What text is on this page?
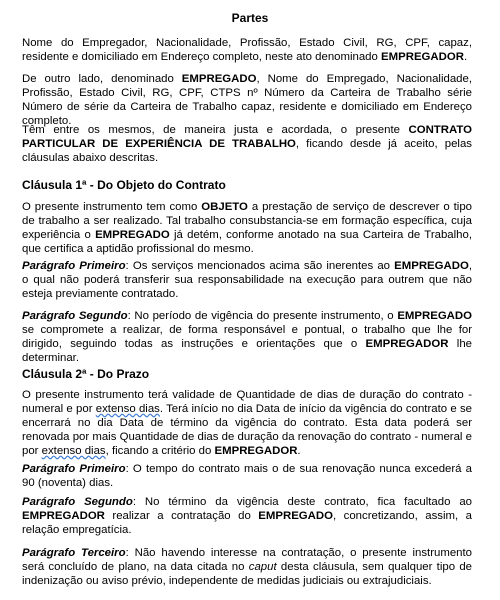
Partes
Nome do Empregador, Nacionalidade, Profissão, Estado Civil, RG, CPF, capaz, residente e domiciliado em Endereço completo, neste ato denominado EMPREGADOR.
De outro lado, denominado EMPREGADO, Nome do Empregado, Nacionalidade, Profissão, Estado Civil, RG, CPF, CTPS nº Número da Carteira de Trabalho série Número de série da Carteira de Trabalho capaz, residente e domiciliado em Endereço completo.
Têm entre os mesmos, de maneira justa e acordada, o presente CONTRATO PARTICULAR DE EXPERIÊNCIA DE TRABALHO, ficando desde já aceito, pelas cláusulas abaixo descritas.
Cláusula 1ª - Do Objeto do Contrato
O presente instrumento tem como OBJETO a prestação de serviço de descrever o tipo de trabalho a ser realizado. Tal trabalho consubstancia-se em formação específica, cuja experiência o EMPREGADO já detém, conforme anotado na sua Carteira de Trabalho, que certifica a aptidão profissional do mesmo.
Parágrafo Primeiro: Os serviços mencionados acima são inerentes ao EMPREGADO, o qual não poderá transferir sua responsabilidade na execução para outrem que não esteja previamente contratado.
Parágrafo Segundo: No período de vigência do presente instrumento, o EMPREGADO se compromete a realizar, de forma responsável e pontual, o trabalho que lhe for dirigido, seguindo todas as instruções e orientações que o EMPREGADOR lhe determinar.
Cláusula 2ª - Do Prazo
O presente instrumento terá validade de Quantidade de dias de duração do contrato - numeral e por extenso dias. Terá início no dia Data de início da vigência do contrato e se encerrará no dia Data de término da vigência do contrato. Esta data poderá ser renovada por mais Quantidade de dias de duração da renovação do contrato - numeral e por extenso dias, ficando a critério do EMPREGADOR.
Parágrafo Primeiro: O tempo do contrato mais o de sua renovação nunca excederá a 90 (noventa) dias.
Parágrafo Segundo: No término da vigência deste contrato, fica facultado ao EMPREGADOR realizar a contratação do EMPREGADO, concretizando, assim, a relação empregatícia.
Parágrafo Terceiro: Não havendo interesse na contratação, o presente instrumento será concluído de plano, na data citada no caput desta cláusula, sem qualquer tipo de indenização ou aviso prévio, independente de medidas judiciais ou extrajudiciais.
